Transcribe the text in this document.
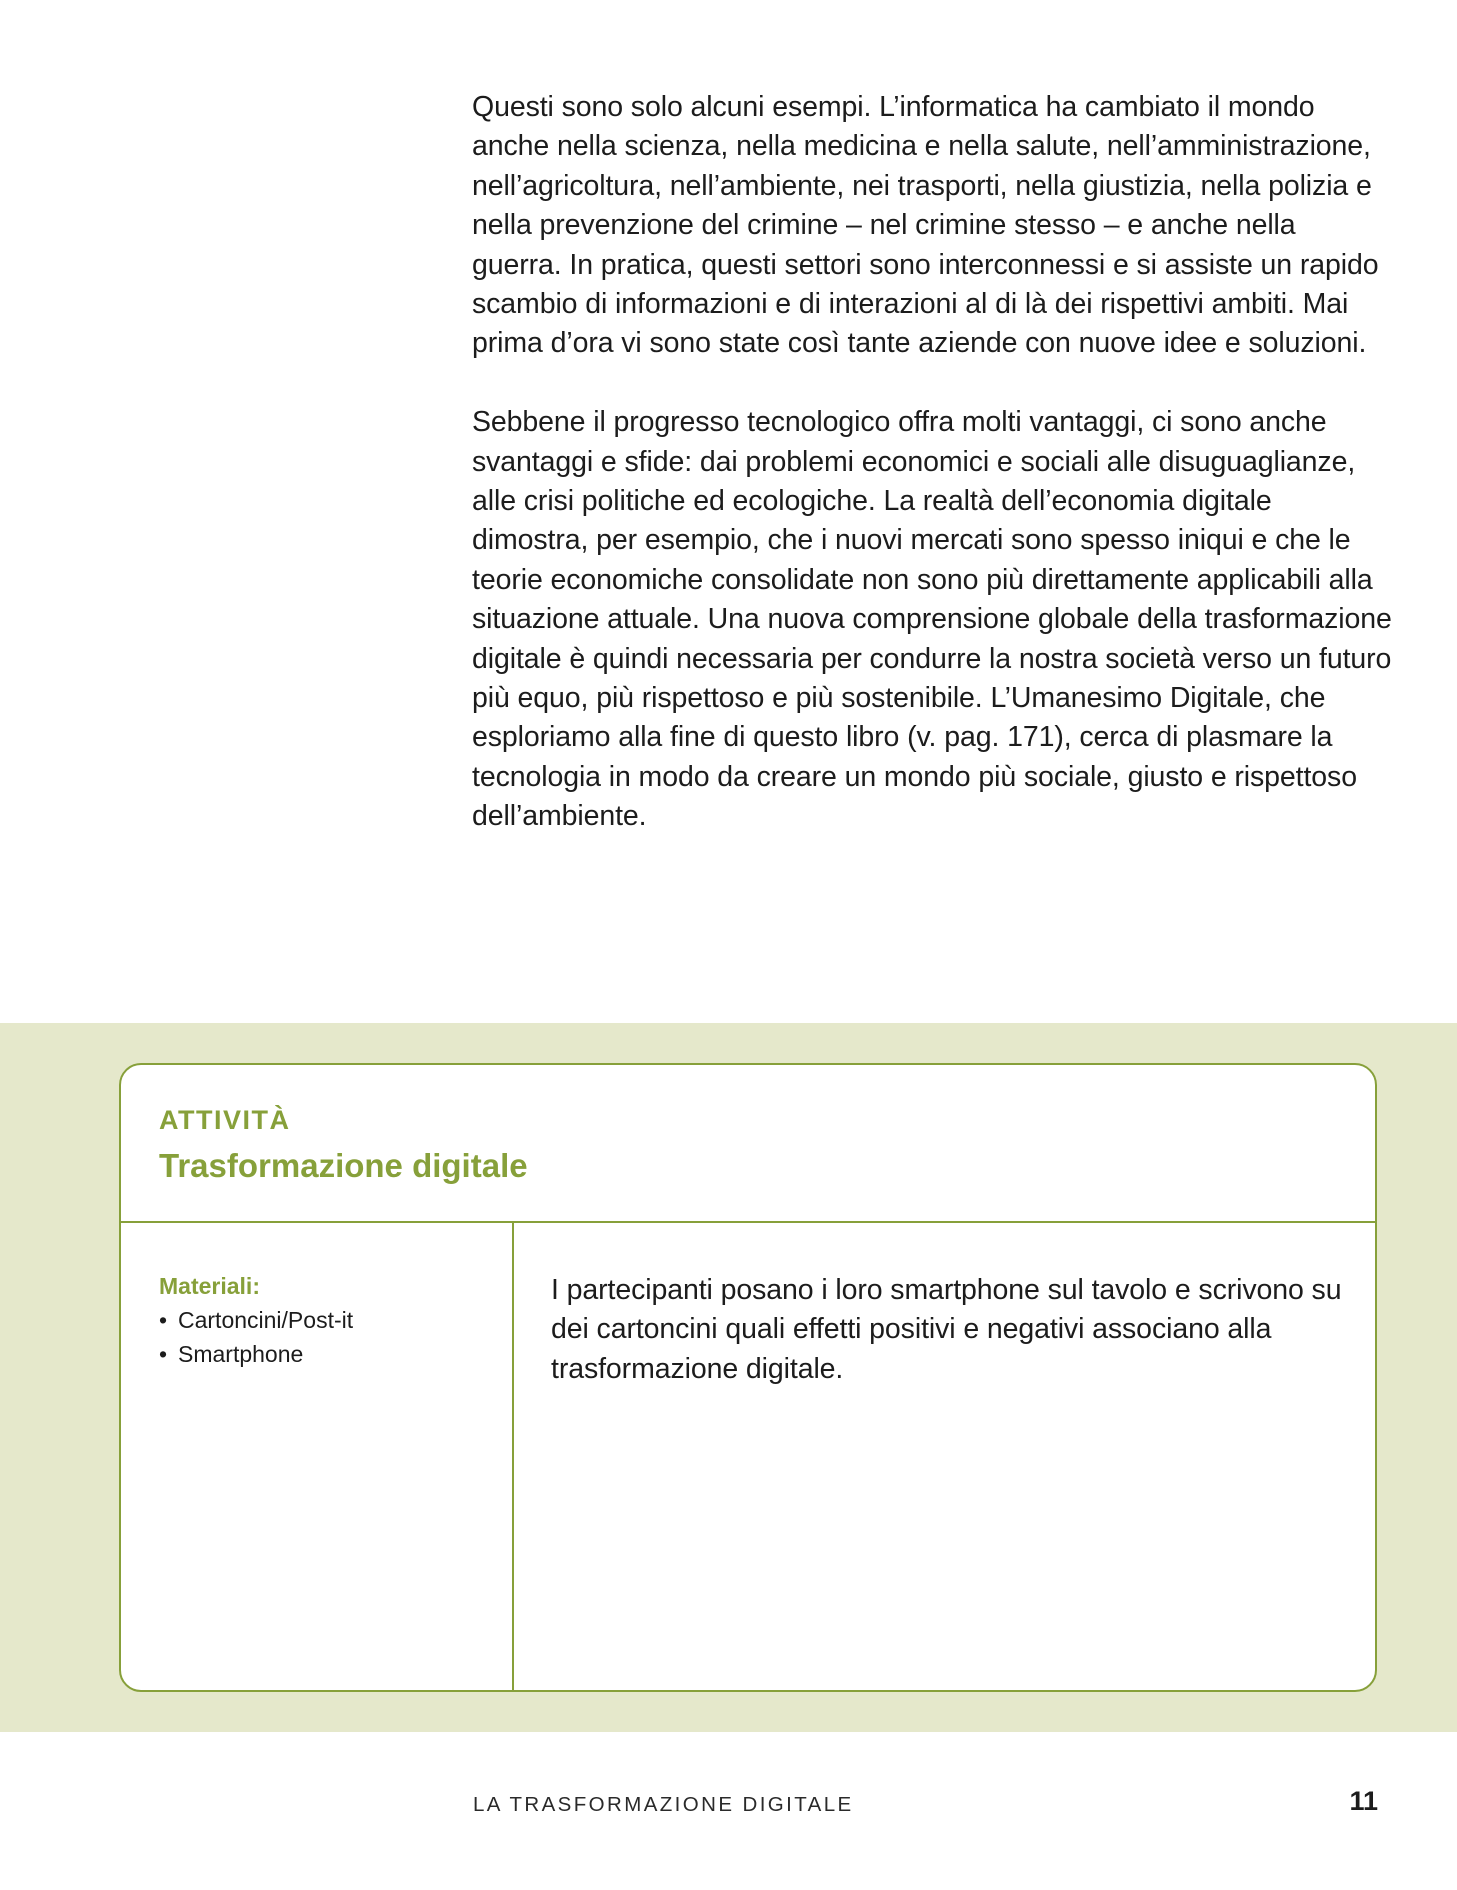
Questi sono solo alcuni esempi. L’informatica ha cambiato il mondo anche nella scienza, nella medicina e nella salute, nell’amministrazione, nell’agricoltura, nell’ambiente, nei trasporti, nella giustizia, nella polizia e nella prevenzione del crimine – nel crimine stesso – e anche nella guerra. In pratica, questi settori sono interconnessi e si assiste un rapido scambio di informazioni e di interazioni al di là dei rispettivi ambiti. Mai prima d’ora vi sono state così tante aziende con nuove idee e soluzioni.

Sebbene il progresso tecnologico offra molti vantaggi, ci sono anche svantaggi e sfide: dai problemi economici e sociali alle disuguaglianze, alle crisi politiche ed ecologiche. La realtà dell’economia digitale dimostra, per esempio, che i nuovi mercati sono spesso iniqui e che le teorie economiche consolidate non sono più direttamente applicabili alla situazione attuale. Una nuova comprensione globale della trasformazione digitale è quindi necessaria per condurre la nostra società verso un futuro più equo, più rispettoso e più sostenibile. L’Umanesimo Digitale, che esploriamo alla fine di questo libro (v. pag. 171), cerca di plasmare la tecnologia in modo da creare un mondo più sociale, giusto e rispettoso dell’ambiente.

ATTIVITÀ
Trasformazione digitale
Materiali:
• Cartoncini/Post-it
• Smartphone
I partecipanti posano i loro smartphone sul tavolo e scrivono su dei cartoncini quali effetti positivi e negativi associano alla trasformazione digitale.
LA TRASFORMAZIONE DIGITALE	11
